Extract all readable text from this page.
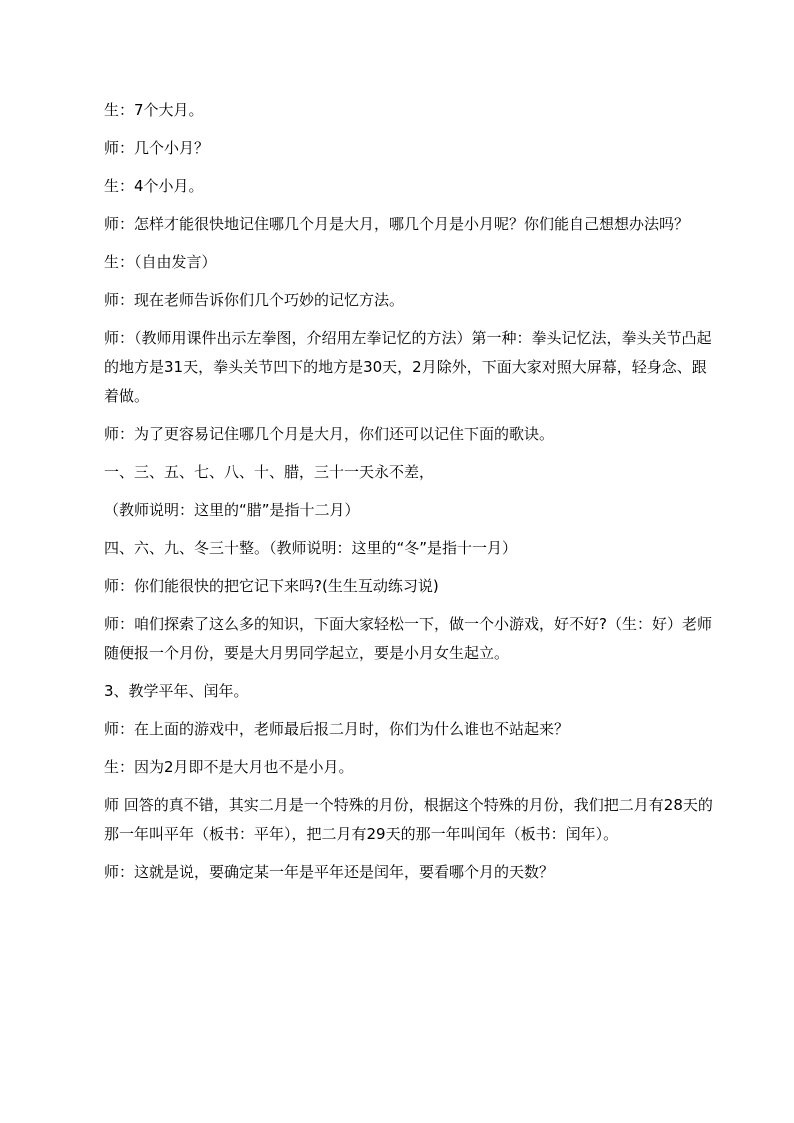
生：7个大月。

师：几个小月？

生：4个小月。

师：怎样才能很快地记住哪几个月是大月，哪几个月是小月呢？你们能自己想想办法吗？

生：（自由发言）

师：现在老师告诉你们几个巧妙的记忆方法。

师：（教师用课件出示左拳图，介绍用左拳记忆的方法）第一种：拳头记忆法，拳头关节凸起的地方是31天，拳头关节凹下的地方是30天，2月除外，下面大家对照大屏幕，轻身念、跟着做。

师：为了更容易记住哪几个月是大月，你们还可以记住下面的歌诀。

一、三、五、七、八、十、腊，三十一天永不差，

（教师说明：这里的“腊”是指十二月）

四、六、九、冬三十整。（教师说明：这里的“冬”是指十一月）

师：你们能很快的把它记下来吗?(生生互动练习说)

师：咱们探索了这么多的知识，下面大家轻松一下，做一个小游戏，好不好?（生：好）老师随便报一个月份，要是大月男同学起立，要是小月女生起立。

3、教学平年、闰年。

师：在上面的游戏中，老师最后报二月时，你们为什么谁也不站起来？

生：因为2月即不是大月也不是小月。

师 回答的真不错，其实二月是一个特殊的月份，根据这个特殊的月份，我们把二月有28天的那一年叫平年（板书：平年），把二月有29天的那一年叫闰年（板书：闰年）。

师：这就是说，要确定某一年是平年还是闰年，要看哪个月的天数？
